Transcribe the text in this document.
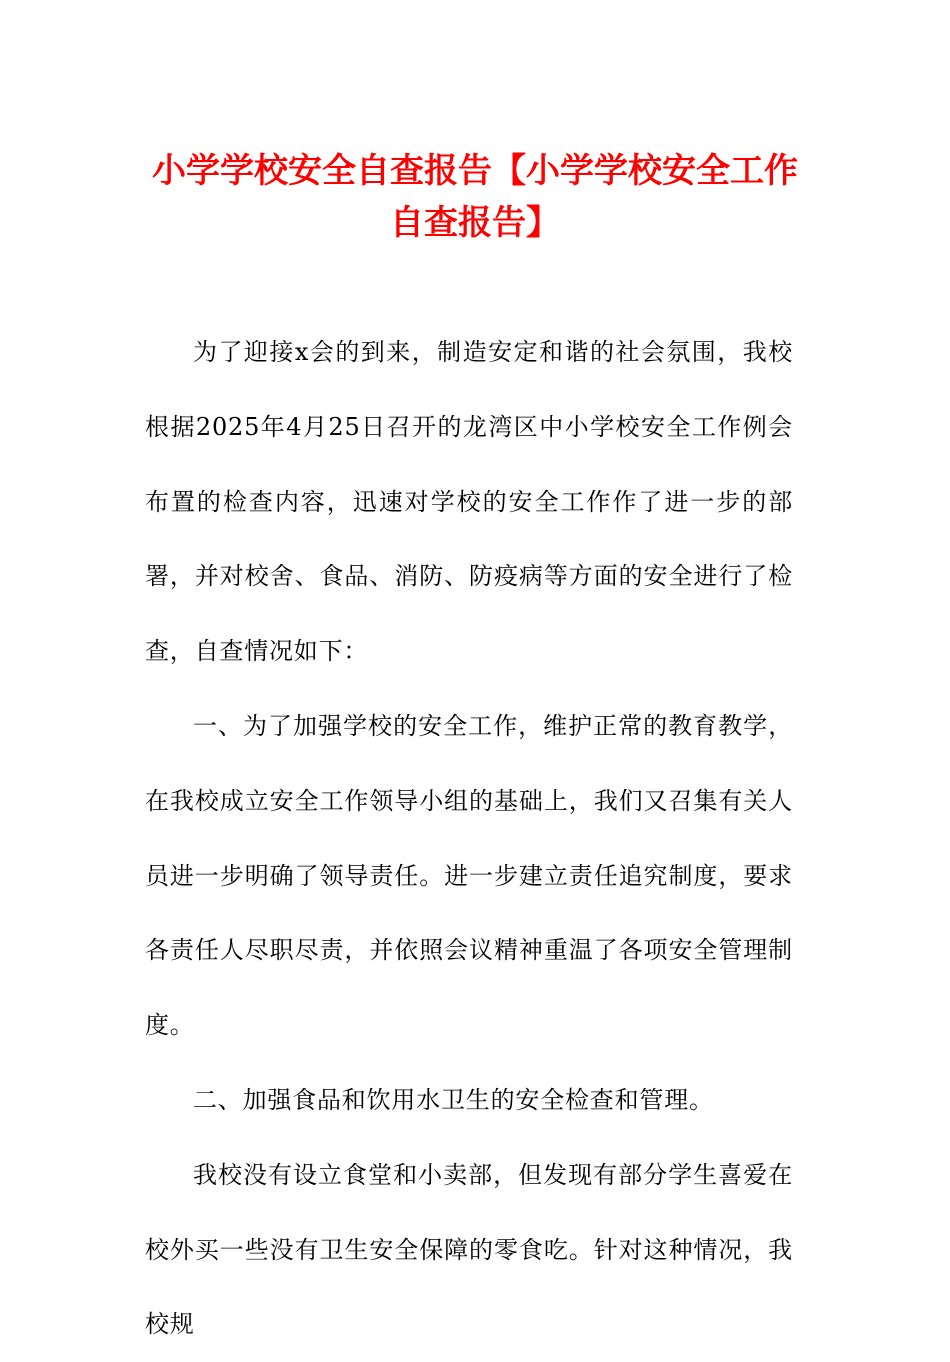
小学学校安全自查报告【小学学校安全工作自查报告】

为了迎接x会的到来，制造安定和谐的社会氛围，我校根据2025年4月25日召开的龙湾区中小学校安全工作例会布置的检查内容，迅速对学校的安全工作作了进一步的部署，并对校舍、食品、消防、防疫病等方面的安全进行了检查，自查情况如下：

一、为了加强学校的安全工作，维护正常的教育教学，在我校成立安全工作领导小组的基础上，我们又召集有关人员进一步明确了领导责任。进一步建立责任追究制度，要求各责任人尽职尽责，并依照会议精神重温了各项安全管理制度。

二、加强食品和饮用水卫生的安全检查和管理。

我校没有设立食堂和小卖部，但发现有部分学生喜爱在校外买一些没有卫生安全保障的零食吃。针对这种情况，我校规
